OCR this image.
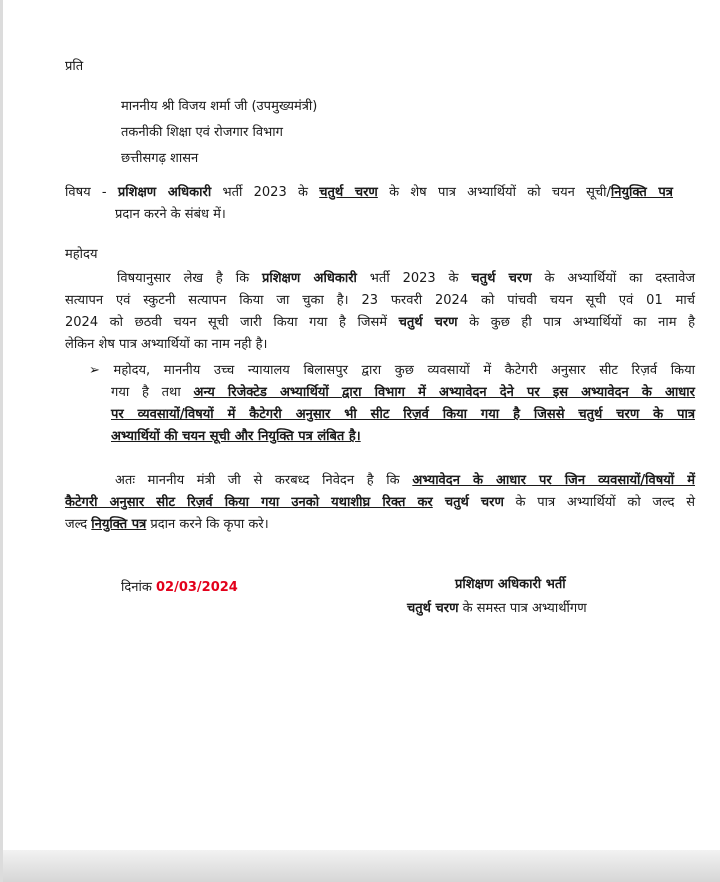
प्रति
माननीय श्री विजय शर्मा जी (उपमुख्यमंत्री)
तकनीकी शिक्षा एवं रोजगार विभाग
छत्तीसगढ़ शासन
विषय - प्रशिक्षण अधिकारी भर्ती 2023 के चतुर्थ चरण के शेष पात्र अभ्यार्थियों को चयन सूची/नियुक्ति पत्र
प्रदान करने के संबंध में।
महोदय
विषयानुसार लेख है कि प्रशिक्षण अधिकारी भर्ती 2023 के चतुर्थ चरण के अभ्यार्थियों का दस्तावेज
सत्यापन एवं स्कुटनी सत्यापन किया जा चुका है। 23 फरवरी 2024 को पांचवी चयन सूची एवं 01 मार्च
2024 को छठवी चयन सूची जारी किया गया है जिसमें चतुर्थ चरण के कुछ ही पात्र अभ्यार्थियों का नाम है
लेकिन शेष पात्र अभ्यार्थियों का नाम नही है।
➢ महोदय, माननीय उच्च न्यायालय बिलासपुर द्वारा कुछ व्यवसायों में कैटेगरी अनुसार सीट रिज़र्व किया
गया है तथा अन्य रिजेक्टेड अभ्यार्थियों द्वारा विभाग में अभ्यावेदन देने पर इस अभ्यावेदन के आधार
पर व्यवसायों/विषयों में कैटेगरी अनुसार भी सीट रिज़र्व किया गया है जिससे चतुर्थ चरण के पात्र
अभ्यार्थियों की चयन सूची और नियुक्ति पत्र लंबित है।
अतः माननीय मंत्री जी से करबध्द निवेदन है कि अभ्यावेदन के आधार पर जिन व्यवसायों/विषयों में
कैटेगरी अनुसार सीट रिज़र्व किया गया उनको यथाशीघ्र रिक्त कर चतुर्थ चरण के पात्र अभ्यार्थियों को जल्द से
जल्द नियुक्ति पत्र प्रदान करने कि कृपा करे।
दिनांक 02/03/2024	प्रशिक्षण अधिकारी भर्ती
चतुर्थ चरण के समस्त पात्र अभ्यार्थीगण
